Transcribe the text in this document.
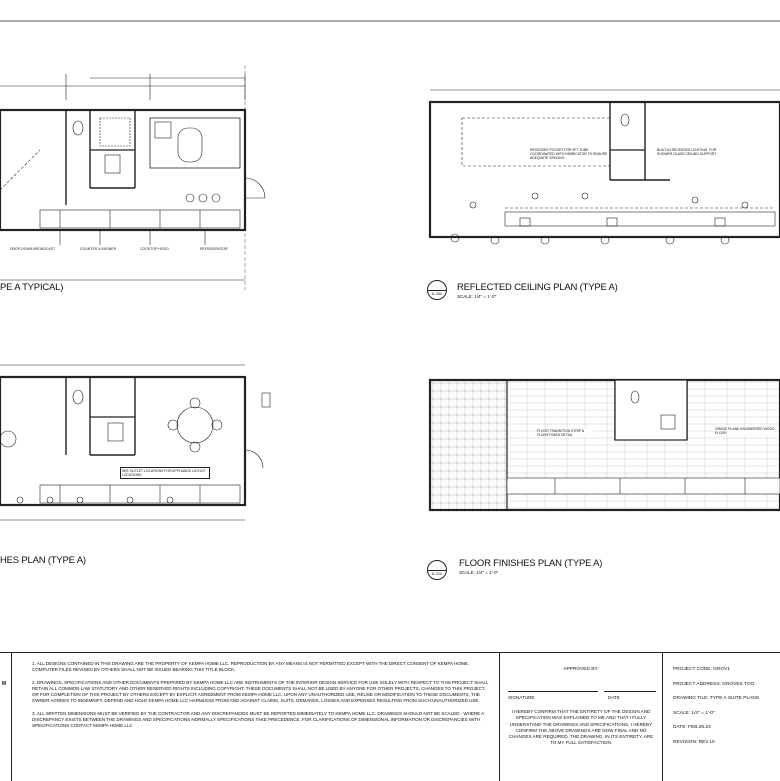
DROP-DOWN BROADCAST	COUNTER 4-BURNER	COOKTOP HOOD	REFRIGERATOR
PE A TYPICAL)
RECESSED POCKET FOR 3FT TUBE COORDINATED WITH FABRICATOR TO ENSURE ADEQUATE SPACING
BUILT-IN RECESSED LIGHTING, FOR SHOWER GLASS CEILING SUPPORT
A-200
REFLECTED CEILING PLAN (TYPE A)
SCALE: 1/4" = 1'-0"
SEE OUTLET LOCATIONS FOR APPLIANCE LAYOUT LOCATIONS
HES PLAN (TYPE A)
FLOOR TRANSITION STRIP & FLUSH FINISH DETAIL
GRAGE PLANK ENGINEERED WOOD FLOOR
A-210
FLOOR FINISHES PLAN (TYPE A)
SCALE: 1/4" = 1'-0"
M

1. ALL DESIGNS CONTAINED IN THIS DRAWING ARE THE PROPERTY OF KEMPA HOME LLC. REPRODUCTION BY ANY MEANS IS NOT PERMITTED EXCEPT WITH THE DIRECT CONSENT OF KEMPA HOME. COMPUTER FILES REVISED BY OTHERS SHALL NOT BE ISSUED BEARING THIS TITLE BLOCK.

2. DRAWINGS, SPECIFICATIONS AND OTHER DOCUMENTS PREPARED BY KEMPA HOME LLC ARE INSTRUMENTS OF THE INTERIOR DESIGN SERVICE FOR USE SOLELY WITH RESPECT TO THIS PROJECT SHALL RETAIN ALL COMMON LAW STATUTORY AND OTHER RESERVED RIGHTS INCLUDING COPYRIGHT. THESE DOCUMENTS SHALL NOT BE USED BY ANYONE FOR OTHER PROJECTS, CHANGES TO THIS PROJECT, OR FOR COMPLETION OF THIS PROJECT BY OTHERS EXCEPT BY EXPLICIT AGREEMENT FROM KEMPA HOME LLC. UPON ANY UNAUTHORIZED USE, REUSE OR MODIFICATION TO THESE DOCUMENTS, THE OWNER AGREES TO INDEMNIFY, DEFEND AND HOLD KEMPA HOME LLC HARMLESS FROM AND AGAINST CLAIMS, SUITS, DEMANDS, LOSSES AND EXPENSES RESULTING FROM SUCH UNAUTHORIZED USE.

3. ALL WRITTEN DIMENSIONS MUST BE VERIFIED BY THE CONTRACTOR AND ANY DISCREPANCIES MUST BE REPORTED IMMEDIATELY TO KEMPA HOME LLC. DRAWINGS SHOULD NOT BE SCALED - WHERE A DISCREPANCY EXISTS BETWEEN THE DRAWINGS AND SPECIFICATIONS NORMALLY SPECIFICATIONS TAKE PRECEDENCE. FOR CLARIFICATIONS OF DIMENSIONAL INFORMATION OR DISCREPANCIES WITH SPECIFICATIONS CONTACT KEMPA HOME LLC

APPROVED BY:
SIGNATURE	DATE
I HEREBY CONFIRM THAT THE ENTIRETY OF THE DESIGN AND SPECIFICATION WAS EXPLAINED TO ME AND THAT I FULLY UNDERSTAND THE DRAWINGS AND SPECIFICATIONS. I HEREBY CONFIRM THE ABOVE DRAWINGS ARE NOW FINAL AND NO CHANGES ARE REQUIRED. THE DRAWING, IN ITS ENTIRETY, ARE TO MY FULL SATISFACTION.
PROJECT CODE: GROV1
PROJECT ADDRESS: GROVES TOO
DRAWING TILE: TYPE A SUITE PLANS
SCALE: 1/4" = 1'-0"
DATE: FEB.28.24
REVISION: REV.10
